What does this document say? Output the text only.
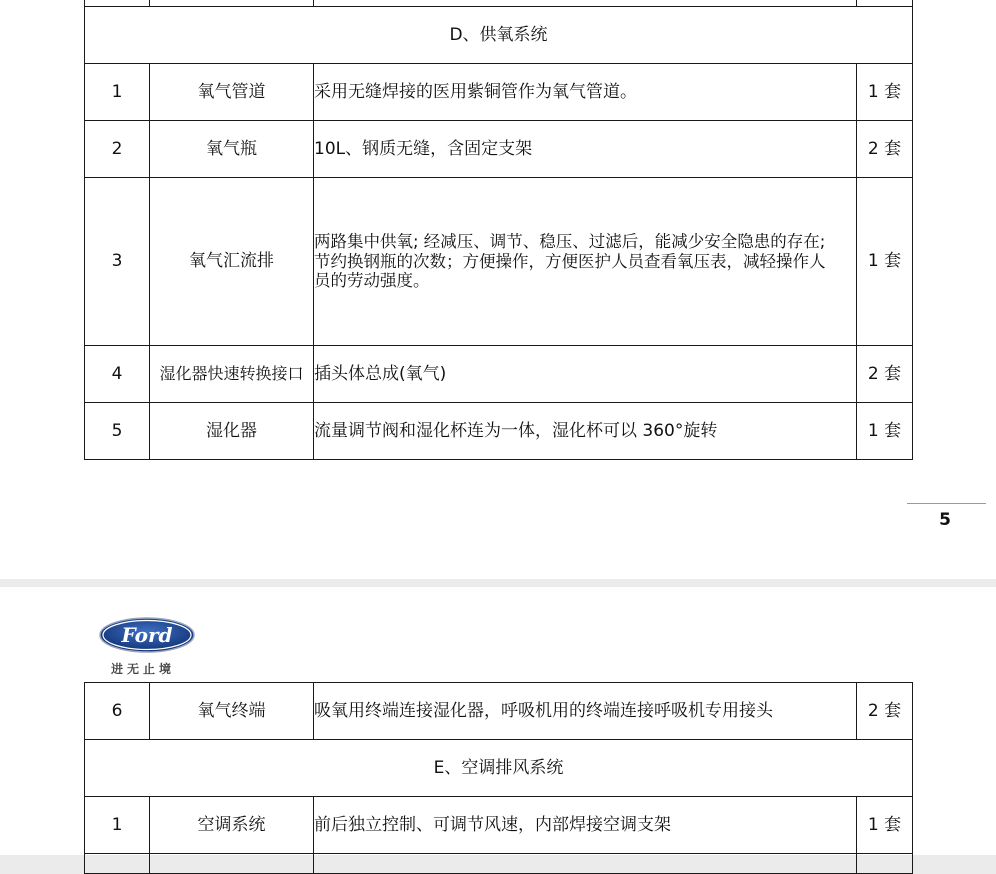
D、供氧系统			
1	氧气管道	采用无缝焊接的医用紫铜管作为氧气管道。	1 套
2	氧气瓶	10L、钢质无缝，含固定支架	2 套
3	氧气汇流排	两路集中供氧; 经减压、调节、稳压、过滤后，能减少安全隐患的存在;
节约换钢瓶的次数；方便操作，方便医护人员查看氧压表，减轻操作人
员的劳动强度。	1 套
4	湿化器快速转换接口	插头体总成(氧气)	2 套
5	湿化器	流量调节阀和湿化杯连为一体，湿化杯可以 360°旋转	1 套
5
Ford
进无止境
6	氧气终端	吸氧用终端连接湿化器，呼吸机用的终端连接呼吸机专用接头	2 套
E、空调排风系统			
1	空调系统	前后独立控制、可调节风速，内部焊接空调支架	1 套
